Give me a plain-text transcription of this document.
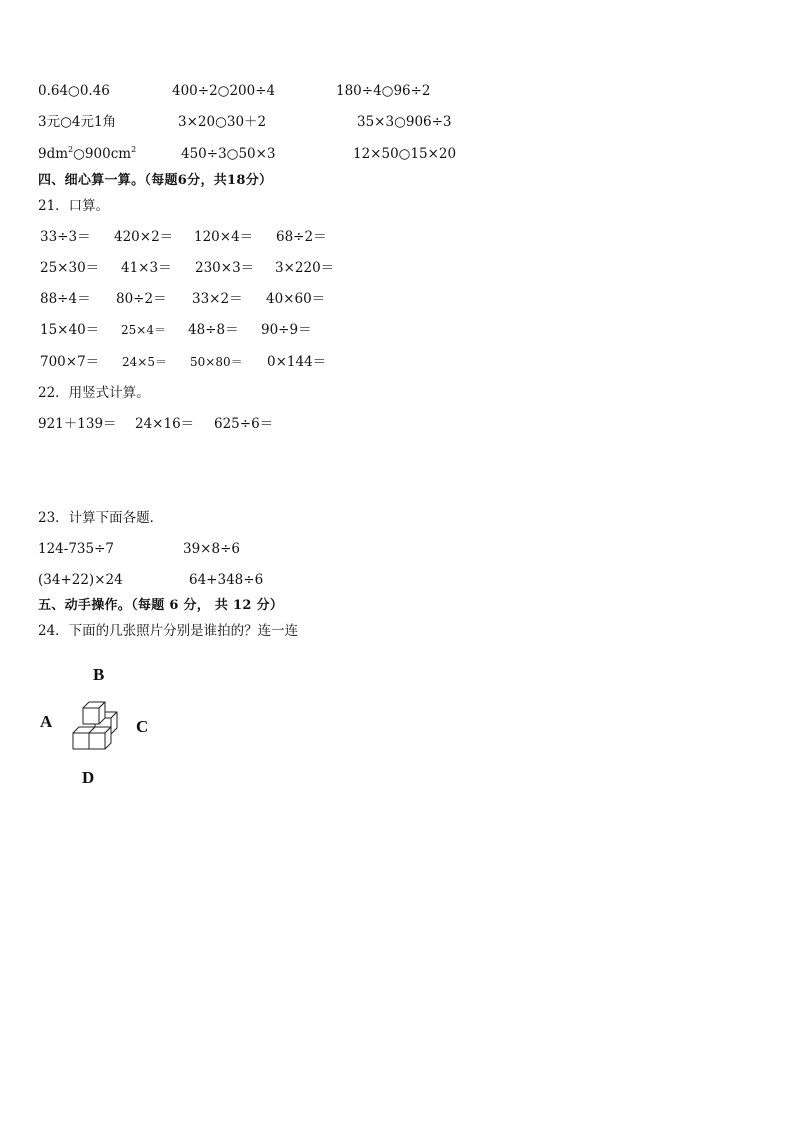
0.64○0.46	400÷2○200÷4	180÷4○96÷2
3元○4元1角	3×20○30＋2	35×3○906÷3
$9dm^2○900cm^2$	450÷3○50×3	12×50○15×20
四、细心算一算。（每题6分，共18分）
21．口算。
33÷3＝ 420×2＝ 120×4＝ 68÷2＝
25×30＝ 41×3＝ 230×3＝ 3×220＝
88÷4＝ 80÷2＝ 33×2＝ 40×60＝
15×40＝ 25×4＝ 48÷8＝ 90÷9＝
700×7＝ 24×5＝ 50×80＝ 0×144＝
22．用竖式计算。
921＋139＝ 24×16＝ 625÷6＝
23．计算下面各题．
124-735÷7	39×8÷6
(34+22)×24	64+348÷6
五、动手操作。（每题 6 分， 共 12 分）
24．下面的几张照片分别是谁拍的？连一连
B
A	C
D
